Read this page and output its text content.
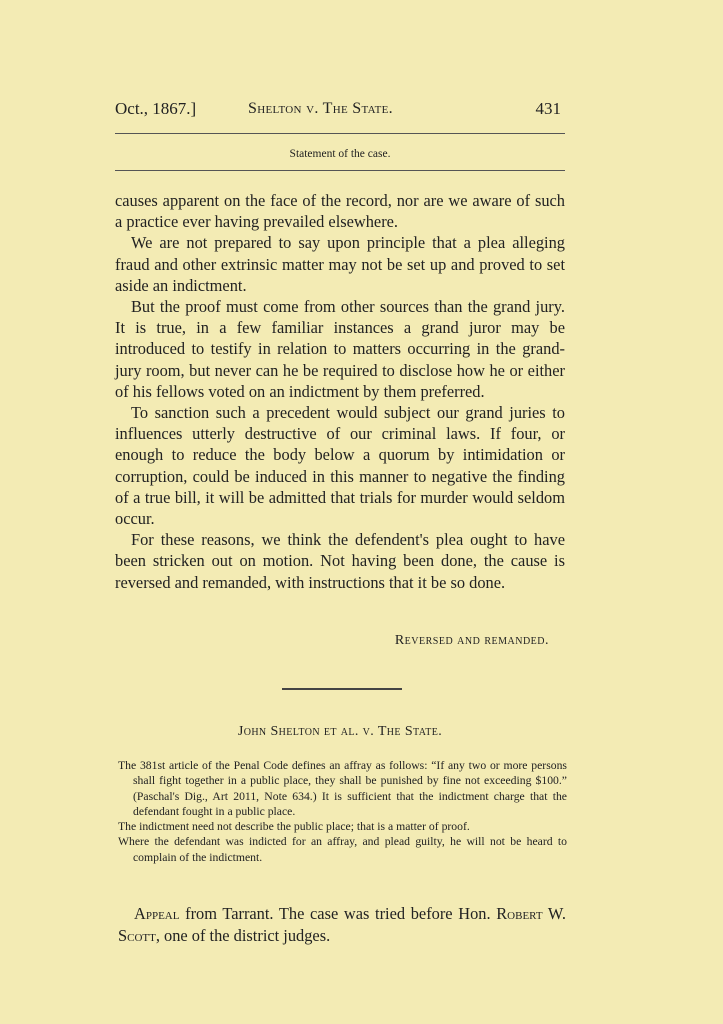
Oct., 1867.]	Shelton v. The State.	431
Statement of the case.

causes apparent on the face of the record, nor are we aware of such a practice ever having prevailed elsewhere.

We are not prepared to say upon principle that a plea alleging fraud and other extrinsic matter may not be set up and proved to set aside an indictment.

But the proof must come from other sources than the grand jury. It is true, in a few familiar instances a grand juror may be introduced to testify in relation to matters occurring in the grand-jury room, but never can he be required to disclose how he or either of his fellows voted on an indictment by them preferred.

To sanction such a precedent would subject our grand juries to influences utterly destructive of our criminal laws. If four, or enough to reduce the body below a quorum by intimidation or corruption, could be induced in this manner to negative the finding of a true bill, it will be admitted that trials for murder would seldom occur.

For these reasons, we think the defendent's plea ought to have been stricken out on motion. Not having been done, the cause is reversed and remanded, with instructions that it be so done.

Reversed and remanded.
John Shelton et al. v. The State.

The 381st article of the Penal Code defines an affray as follows: “If any two or more persons shall fight together in a public place, they shall be punished by fine not exceeding $100.” (Paschal's Dig., Art 2011, Note 634.) It is sufficient that the indictment charge that the defendant fought in a public place.

The indictment need not describe the public place; that is a matter of proof.

Where the defendant was indicted for an affray, and plead guilty, he will not be heard to complain of the indictment.

Appeal from Tarrant. The case was tried before Hon. Robert W. Scott, one of the district judges.
